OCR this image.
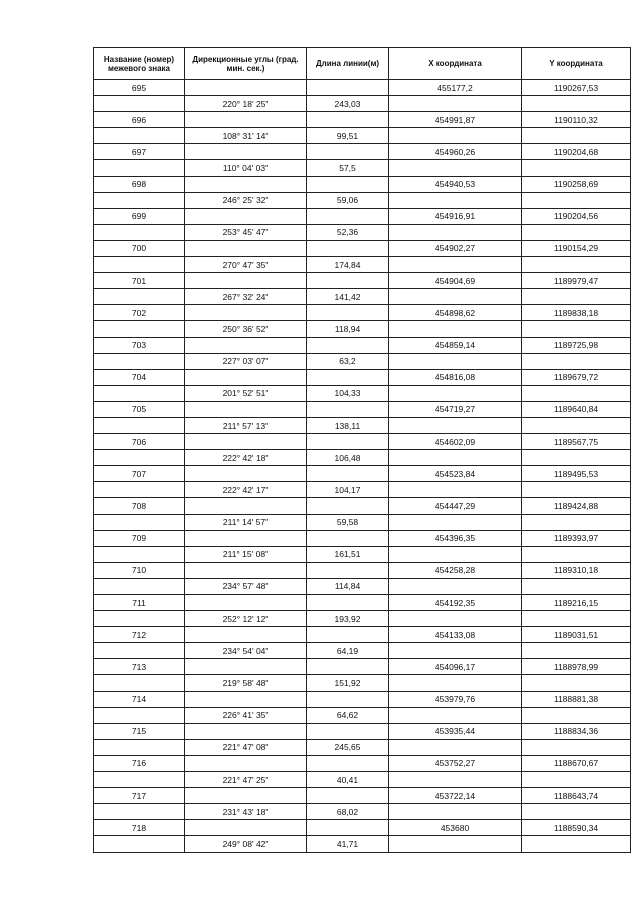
Название (номер) межевого знака	Дирекционные углы (град. мин. сек.)	Длина линии(м)	X координата	Y координата
695			455177,2	1190267,53
	220° 18' 25"	243,03		
696			454991,87	1190110,32
	108° 31' 14"	99,51		
697			454960,26	1190204,68
	110° 04' 03"	57,5		
698			454940,53	1190258,69
	246° 25' 32"	59,06		
699			454916,91	1190204,56
	253° 45' 47"	52,36		
700			454902,27	1190154,29
	270° 47' 35"	174,84		
701			454904,69	1189979,47
	267° 32' 24"	141,42		
702			454898,62	1189838,18
	250° 36' 52"	118,94		
703			454859,14	1189725,98
	227° 03' 07"	63,2		
704			454816,08	1189679,72
	201° 52' 51"	104,33		
705			454719,27	1189640,84
	211° 57' 13"	138,11		
706			454602,09	1189567,75
	222° 42' 18"	106,48		
707			454523,84	1189495,53
	222° 42' 17"	104,17		
708			454447,29	1189424,88
	211° 14' 57"	59,58		
709			454396,35	1189393,97
	211° 15' 08"	161,51		
710			454258,28	1189310,18
	234° 57' 48"	114,84		
711			454192,35	1189216,15
	252° 12' 12"	193,92		
712			454133,08	1189031,51
	234° 54' 04"	64,19		
713			454096,17	1188978,99
	219° 58' 48"	151,92		
714			453979,76	1188881,38
	226° 41' 35"	64,62		
715			453935,44	1188834,36
	221° 47' 08"	245,65		
716			453752,27	1188670,67
	221° 47' 25"	40,41		
717			453722,14	1188643,74
	231° 43' 18"	68,02		
718			453680	1188590,34
	249° 08' 42"	41,71		
